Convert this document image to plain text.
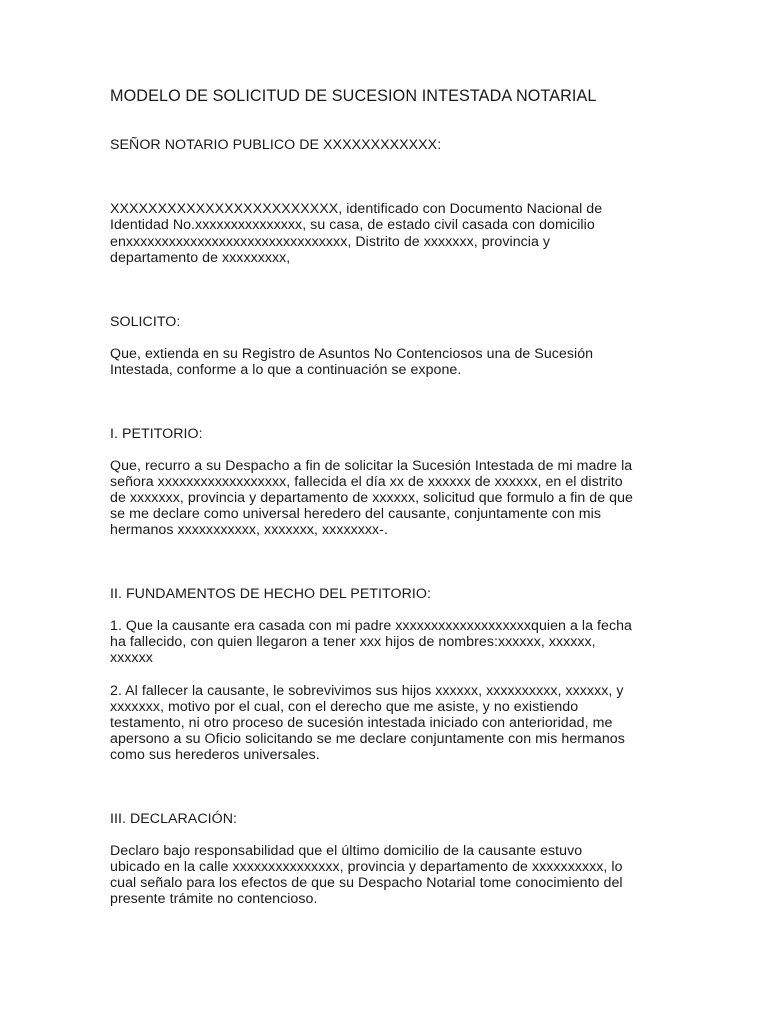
MODELO DE SOLICITUD DE SUCESION INTESTADA NOTARIAL
SEÑOR NOTARIO PUBLICO DE XXXXXXXXXXXX:
XXXXXXXXXXXXXXXXXXXXXXXX, identificado con Documento Nacional de
Identidad No.xxxxxxxxxxxxxxx, su casa, de estado civil casada con domicilio
enxxxxxxxxxxxxxxxxxxxxxxxxxxxxxxx, Distrito de xxxxxxx, provincia y
departamento de xxxxxxxxx,
SOLICITO:
Que, extienda en su Registro de Asuntos No Contenciosos una de Sucesión
Intestada, conforme a lo que a continuación se expone.
I. PETITORIO:
Que, recurro a su Despacho a fin de solicitar la Sucesión Intestada de mi madre la
señora xxxxxxxxxxxxxxxxxx, fallecida el día xx de xxxxxx de xxxxxx, en el distrito
de xxxxxxx, provincia y departamento de xxxxxx, solicitud que formulo a fin de que
se me declare como universal heredero del causante, conjuntamente con mis
hermanos xxxxxxxxxxx, xxxxxxx, xxxxxxxx-.
II. FUNDAMENTOS DE HECHO DEL PETITORIO:
1. Que la causante era casada con mi padre xxxxxxxxxxxxxxxxxxxquien a la fecha
ha fallecido, con quien llegaron a tener xxx hijos de nombres:xxxxxx, xxxxxx,
xxxxxx
2. Al fallecer la causante, le sobrevivimos sus hijos xxxxxx, xxxxxxxxxx, xxxxxx, y
xxxxxxx, motivo por el cual, con el derecho que me asiste, y no existiendo
testamento, ni otro proceso de sucesión intestada iniciado con anterioridad, me
apersono a su Oficio solicitando se me declare conjuntamente con mis hermanos
como sus herederos universales.
III. DECLARACIÓN:
Declaro bajo responsabilidad que el último domicilio de la causante estuvo
ubicado en la calle xxxxxxxxxxxxxxx, provincia y departamento de xxxxxxxxxx, lo
cual señalo para los efectos de que su Despacho Notarial tome conocimiento del
presente trámite no contencioso.
